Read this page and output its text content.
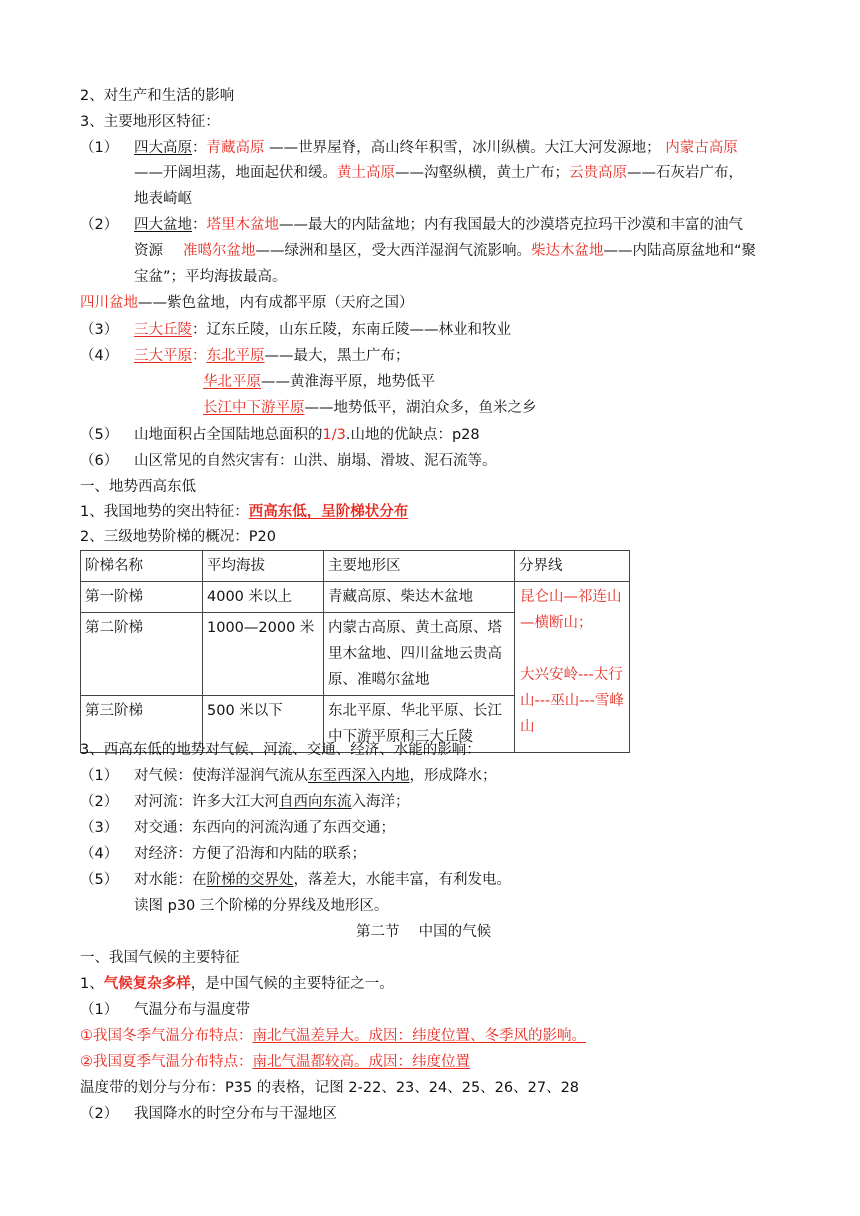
2、对生产和生活的影响
3、主要地形区特征：
（1） 四大高原：青藏高原 ——世界屋脊，高山终年积雪，冰川纵横。大江大河发源地； 内蒙古高原
——开阔坦荡，地面起伏和缓。黄土高原——沟壑纵横，黄土广布；云贵高原——石灰岩广布，
地表崎岖
（2） 四大盆地：塔里木盆地——最大的内陆盆地；内有我国最大的沙漠塔克拉玛干沙漠和丰富的油气
资源 准噶尔盆地——绿洲和垦区，受大西洋湿润气流影响。柴达木盆地——内陆高原盆地和“聚
宝盆”；平均海拔最高。
四川盆地——紫色盆地，内有成都平原（天府之国）
（3） 三大丘陵：辽东丘陵，山东丘陵，东南丘陵——林业和牧业
（4） 三大平原：东北平原——最大，黑土广布；
华北平原——黄淮海平原，地势低平
长江中下游平原——地势低平，湖泊众多，鱼米之乡
（5） 山地面积占全国陆地总面积的1/3.山地的优缺点：p28
（6） 山区常见的自然灾害有：山洪、崩塌、滑坡、泥石流等。
一、地势西高东低
1、我国地势的突出特征：西高东低，呈阶梯状分布
2、三级地势阶梯的概况：P20
阶梯名称	平均海拔	主要地形区	分界线
第一阶梯	4000 米以上	青藏高原、柴达木盆地	昆仑山—祁连山—横断山；
大兴安岭---太行山---巫山---雪峰山

第二阶梯	1000—2000 米	内蒙古高原、黄土高原、塔里木盆地、四川盆地云贵高原、准噶尔盆地	
第三阶梯	500 米以下	东北平原、华北平原、长江中下游平原和三大丘陵	
3、西高东低的地势对气候、河流、交通、经济、水能的影响：
（1） 对气候：使海洋湿润气流从东至西深入内地，形成降水；
（2） 对河流：许多大江大河自西向东流入海洋；
（3） 对交通：东西向的河流沟通了东西交通；
（4） 对经济：方便了沿海和内陆的联系；
（5） 对水能：在阶梯的交界处，落差大，水能丰富，有利发电。
读图 p30 三个阶梯的分界线及地形区。
第二节　 中国的气候
一、我国气候的主要特征
1、气候复杂多样，是中国气候的主要特征之一。
（1） 气温分布与温度带
①我国冬季气温分布特点：南北气温差异大。成因：纬度位置、冬季风的影响。
②我国夏季气温分布特点：南北气温都较高。成因：纬度位置
温度带的划分与分布：P35 的表格，记图 2-22、23、24、25、26、27、28
（2） 我国降水的时空分布与干湿地区
